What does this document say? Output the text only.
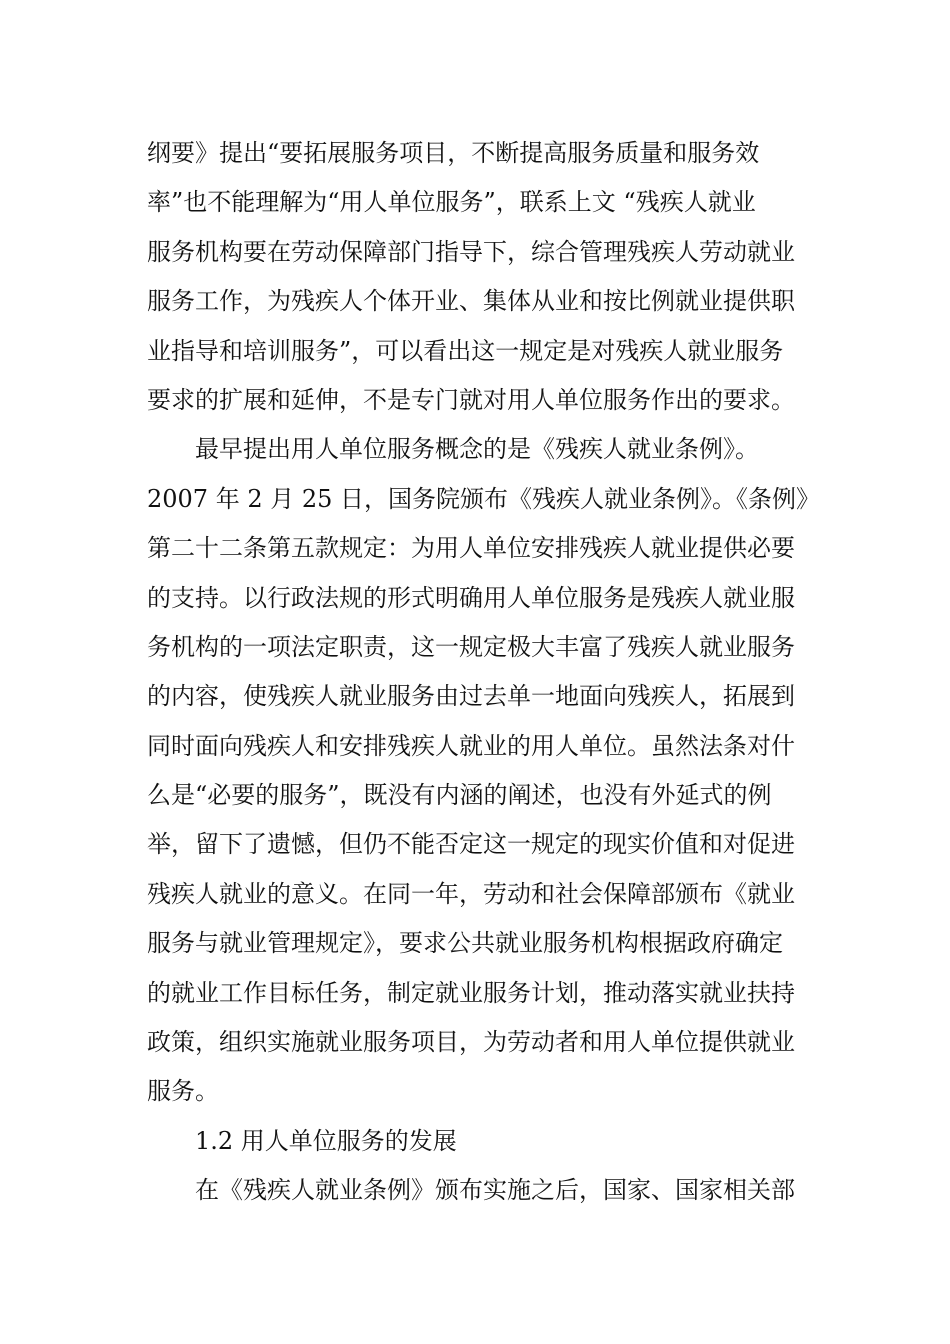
纲要》提出“要拓展服务项目，不断提高服务质量和服务效
率”也不能理解为“用人单位服务”，联系上文 “残疾人就业
服务机构要在劳动保障部门指导下，综合管理残疾人劳动就业
服务工作，为残疾人个体开业、集体从业和按比例就业提供职
业指导和培训服务”，可以看出这一规定是对残疾人就业服务
要求的扩展和延伸，不是专门就对用人单位服务作出的要求。
最早提出用人单位服务概念的是《残疾人就业条例》。
2007 年 2 月 25 日，国务院颁布《残疾人就业条例》。《条例》
第二十二条第五款规定：为用人单位安排残疾人就业提供必要
的支持。以行政法规的形式明确用人单位服务是残疾人就业服
务机构的一项法定职责，这一规定极大丰富了残疾人就业服务
的内容，使残疾人就业服务由过去单一地面向残疾人，拓展到
同时面向残疾人和安排残疾人就业的用人单位。虽然法条对什
么是“必要的服务”，既没有内涵的阐述，也没有外延式的例
举，留下了遗憾，但仍不能否定这一规定的现实价值和对促进
残疾人就业的意义。在同一年，劳动和社会保障部颁布《就业
服务与就业管理规定》，要求公共就业服务机构根据政府确定
的就业工作目标任务，制定就业服务计划，推动落实就业扶持
政策，组织实施就业服务项目，为劳动者和用人单位提供就业
服务。
1.2 用人单位服务的发展
在《残疾人就业条例》颁布实施之后，国家、国家相关部
